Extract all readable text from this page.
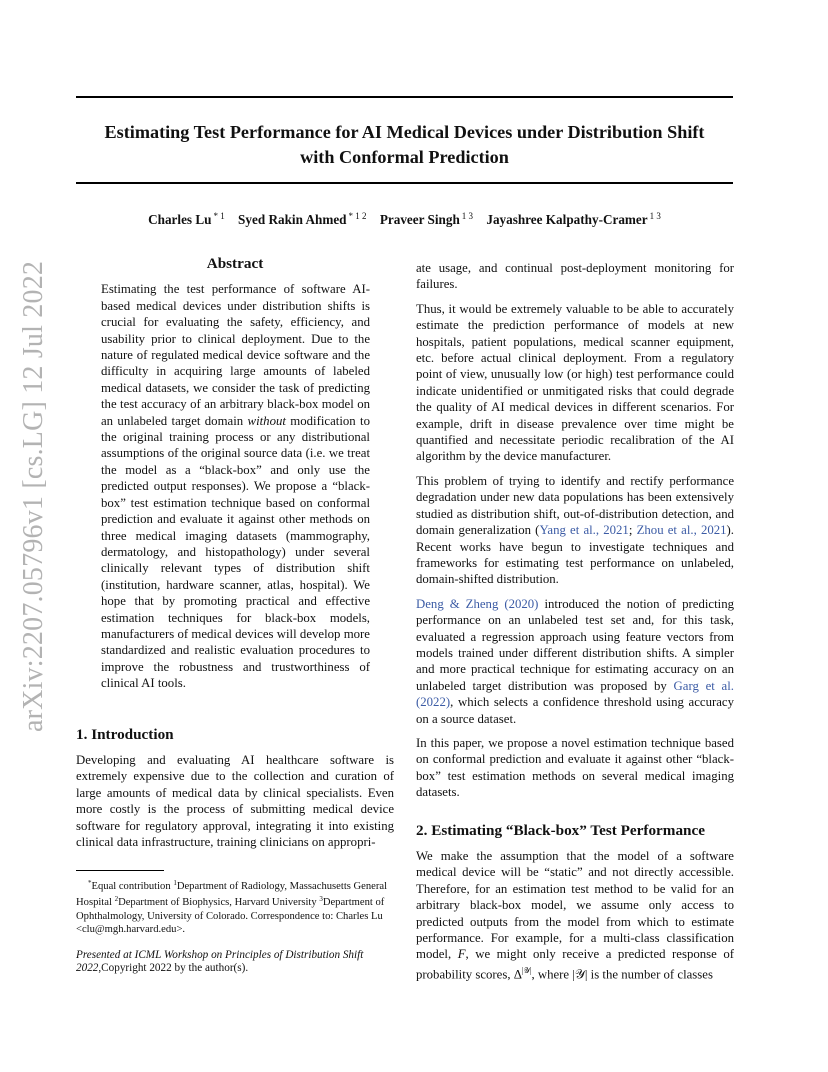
Estimating Test Performance for AI Medical Devices under Distribution Shift
with Conformal Prediction
Charles Lu $^{* 1}$ Syed Rakin Ahmed $^{* 1 2}$ Praveer Singh $^{1 3}$ Jayashree Kalpathy-Cramer $^{1 3}$
arXiv:2207.05796v1 [cs.LG] 12 Jul 2022	Abstract

Estimating the test performance of software AI-based medical devices under distribution shifts is crucial for evaluating the safety, efficiency, and usability prior to clinical deployment. Due to the nature of regulated medical device software and the difficulty in acquiring large amounts of labeled medical datasets, we consider the task of predicting the test accuracy of an arbitrary black-box model on an unlabeled target domain without modification to the original training process or any distributional assumptions of the original source data (i.e. we treat the model as a “black-box” and only use the predicted output responses). We propose a “black-box” test estimation technique based on conformal prediction and evaluate it against other methods on three medical imaging datasets (mammography, dermatology, and histopathology) under several clinically relevant types of distribution shift (institution, hardware scanner, atlas, hospital). We hope that by promoting practical and effective estimation techniques for black-box models, manufacturers of medical devices will develop more standardized and realistic evaluation procedures to improve the robustness and trustworthiness of clinical AI tools.

1. Introduction

Developing and evaluating AI healthcare software is extremely expensive due to the collection and curation of large amounts of medical data by clinical specialists. Even more costly is the process of submitting medical device software for regulatory approval, integrating it into existing clinical data infrastructure, training clinicians on appropri-

*Equal contribution $^1$Department of Radiology, Massachusetts General Hospital $^2$Department of Biophysics, Harvard University $^3$Department of Ophthalmology, University of Colorado. Correspondence to: Charles Lu <clu@mgh.harvard.edu>.

Presented at ICML Workshop on Principles of Distribution Shift 2022,Copyright 2022 by the author(s).

ate usage, and continual post-deployment monitoring for failures.

Thus, it would be extremely valuable to be able to accurately estimate the prediction performance of models at new hospitals, patient populations, medical scanner equipment, etc. before actual clinical deployment. From a regulatory point of view, unusually low (or high) test performance could indicate unidentified or unmitigated risks that could degrade the quality of AI medical devices in different scenarios. For example, drift in disease prevalence over time might be quantified and necessitate periodic recalibration of the AI algorithm by the device manufacturer.

This problem of trying to identify and rectify performance degradation under new data populations has been extensively studied as distribution shift, out-of-distribution detection, and domain generalization (Yang et al., 2021; Zhou et al., 2021). Recent works have begun to investigate techniques and frameworks for estimating test performance on unlabeled, domain-shifted distribution.

Deng & Zheng (2020) introduced the notion of predicting performance on an unlabeled test set and, for this task, evaluated a regression approach using feature vectors from models trained under different distribution shifts. A simpler and more practical technique for estimating accuracy on an unlabeled target distribution was proposed by Garg et al. (2022), which selects a confidence threshold using accuracy on a source dataset.

In this paper, we propose a novel estimation technique based on conformal prediction and evaluate it against other “black-box” test estimation methods on several medical imaging datasets.

2. Estimating “Black-box” Test Performance

We make the assumption that the model of a software medical device will be “static” and not directly accessible. Therefore, for an estimation test method to be valid for an arbitrary black-box model, we assume only access to predicted outputs from the model from which to estimate performance. For example, for a multi-class classification model, F, we might only receive a predicted response of probability scores, $\Delta^{|𝒴|}$, where |𝒴| is the number of classes
